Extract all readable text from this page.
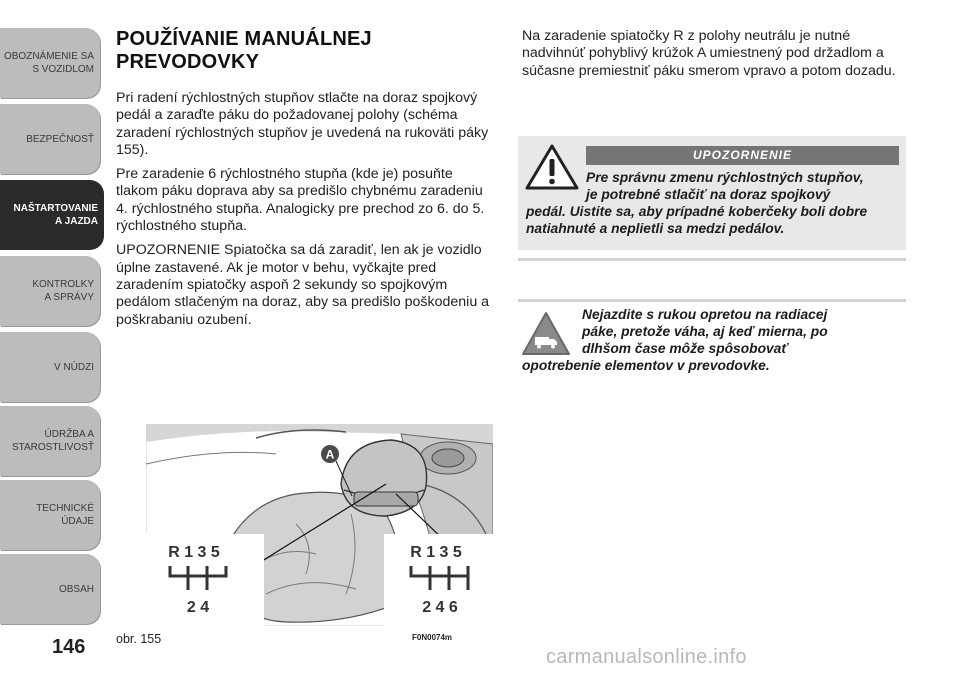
OBOZNÁMENIE SA
S VOZIDLOM
BEZPEČNOSŤ
NAŠTARTOVANIE
A JAZDA
KONTROLKY
A SPRÁVY
V NÚDZI
ÚDRŽBA A
STAROSTLIVOSŤ
TECHNICKÉ
ÚDAJE
OBSAH
146
POUŽÍVANIE MANUÁLNEJ
PREVODOVKY

Pri radení rýchlostných stupňov stlačte na doraz spojkový pedál a zaraďte páku do požadovanej polohy (schéma zaradení rýchlostných stupňov je uvedená na rukoväti páky 155).

Pre zaradenie 6 rýchlostného stupňa (kde je) posuňte tlakom páku doprava aby sa predišlo chybnému zaradeniu 4. rýchlostného stupňa. Analogicky pre prechod zo 6. do 5. rýchlostného stupňa.

UPOZORNENIE Spiatočka sa dá zaradiť, len ak je vozidlo úplne zastavené. Ak je motor v behu, vyčkajte pred zaradením spiatočky aspoň 2 sekundy so spojkovým pedálom stlačeným na doraz, aby sa predišlo poškodeniu a poškrabaniu ozubení.

A
R 1 3 5
2 4
R 1 3 5
2 4 6
obr. 155	F0N0074m

Na zaradenie spiatočky R z polohy neutrálu je nutné nadvihnúť pohyblivý krúžok A umiestnený pod držadlom a súčasne premiestniť páku smerom vpravo a potom dozadu.

UPOZORNENIE
Pre správnu zmenu rýchlostných stupňov,
je potrebné stlačiť na doraz spojkový
pedál. Uistite sa, aby prípadné koberčeky boli dobre natiahnuté a neplietli sa medzi pedálov.
Nejazdite s rukou opretou na radiacej
páke, pretože váha, aj keď mierna, po
dlhšom čase môže spôsobovať
opotrebenie elementov v prevodovke.
carmanualsonline.info
